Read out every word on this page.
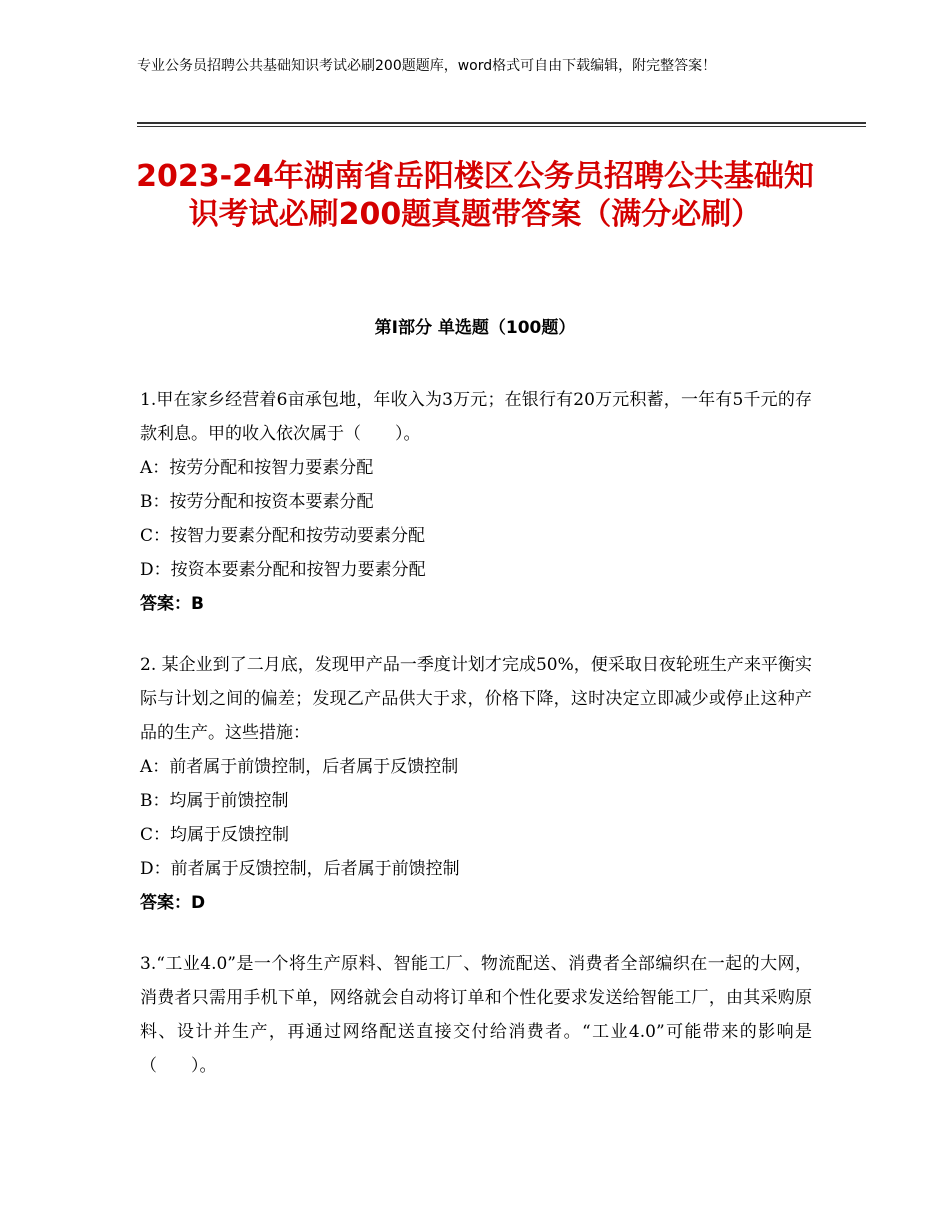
专业公务员招聘公共基础知识考试必刷200题题库，word格式可自由下载编辑，附完整答案！
2023-24年湖南省岳阳楼区公务员招聘公共基础知识考试必刷200题真题带答案（满分必刷）
第Ⅰ部分 单选题（100题）
1.甲在家乡经营着6亩承包地，年收入为3万元；在银行有20万元积蓄，一年有5千元的存款利息。甲的收入依次属于（　　）。
A：按劳分配和按智力要素分配
B：按劳分配和按资本要素分配
C：按智力要素分配和按劳动要素分配
D：按资本要素分配和按智力要素分配
答案：B
2. 某企业到了二月底，发现甲产品一季度计划才完成50%，便采取日夜轮班生产来平衡实际与计划之间的偏差；发现乙产品供大于求，价格下降，这时决定立即减少或停止这种产品的生产。这些措施：
A：前者属于前馈控制，后者属于反馈控制
B：均属于前馈控制
C：均属于反馈控制
D：前者属于反馈控制，后者属于前馈控制
答案：D
3.“工业4.0”是一个将生产原料、智能工厂、物流配送、消费者全部编织在一起的大网，消费者只需用手机下单，网络就会自动将订单和个性化要求发送给智能工厂，由其采购原料、设计并生产，再通过网络配送直接交付给消费者。“工业4.0”可能带来的影响是（　　）。
